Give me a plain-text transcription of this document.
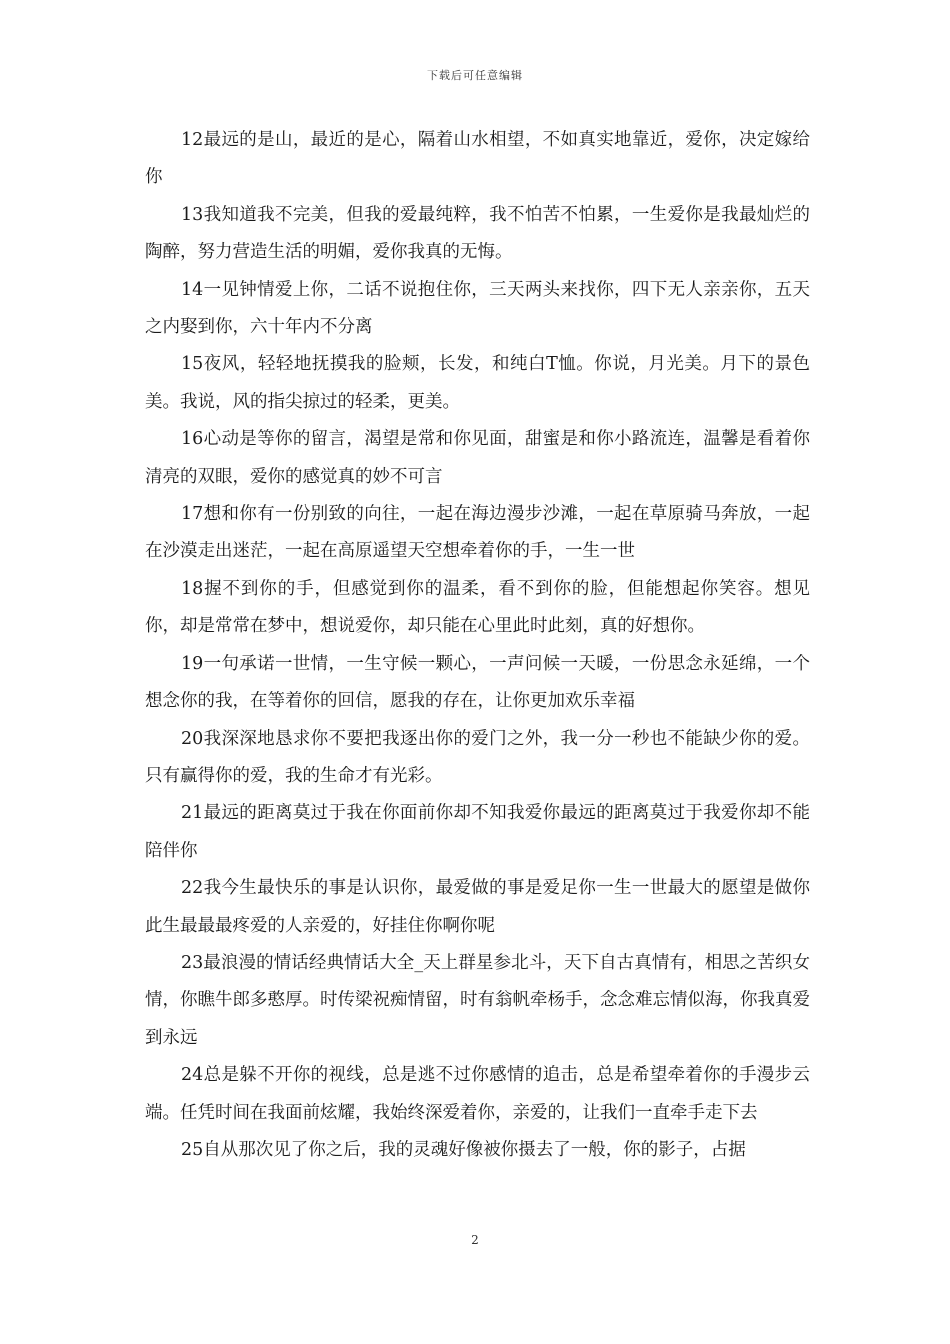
下载后可任意编辑

12最远的是山，最近的是心，隔着山水相望，不如真实地靠近，爱你，决定嫁给你

13我知道我不完美，但我的爱最纯粹，我不怕苦不怕累，一生爱你是我最灿烂的陶醉，努力营造生活的明媚，爱你我真的无悔。

14一见钟情爱上你，二话不说抱住你，三天两头来找你，四下无人亲亲你，五天之内娶到你，六十年内不分离

15夜风，轻轻地抚摸我的脸颊，长发，和纯白T恤。你说，月光美。月下的景色美。我说，风的指尖掠过的轻柔，更美。

16心动是等你的留言，渴望是常和你见面，甜蜜是和你小路流连，温馨是看着你清亮的双眼，爱你的感觉真的妙不可言

17想和你有一份别致的向往，一起在海边漫步沙滩，一起在草原骑马奔放，一起在沙漠走出迷茫，一起在高原遥望天空想牵着你的手，一生一世

18握不到你的手，但感觉到你的温柔，看不到你的脸，但能想起你笑容。想见你，却是常常在梦中，想说爱你，却只能在心里此时此刻，真的好想你。

19一句承诺一世情，一生守候一颗心，一声问候一天暖，一份思念永延绵，一个想念你的我，在等着你的回信，愿我的存在，让你更加欢乐幸福

20我深深地恳求你不要把我逐出你的爱门之外，我一分一秒也不能缺少你的爱。只有赢得你的爱，我的生命才有光彩。

21最远的距离莫过于我在你面前你却不知我爱你最远的距离莫过于我爱你却不能陪伴你

22我今生最快乐的事是认识你，最爱做的事是爱足你一生一世最大的愿望是做你此生最最最疼爱的人亲爱的，好挂住你啊你呢

23最浪漫的情话经典情话大全_天上群星参北斗，天下自古真情有，相思之苦织女情，你瞧牛郎多憨厚。时传梁祝痴情留，时有翁帆牵杨手，念念难忘情似海，你我真爱到永远

24总是躲不开你的视线，总是逃不过你感情的追击，总是希望牵着你的手漫步云端。任凭时间在我面前炫耀，我始终深爱着你，亲爱的，让我们一直牵手走下去

25自从那次见了你之后，我的灵魂好像被你摄去了一般，你的影子，占据

2
